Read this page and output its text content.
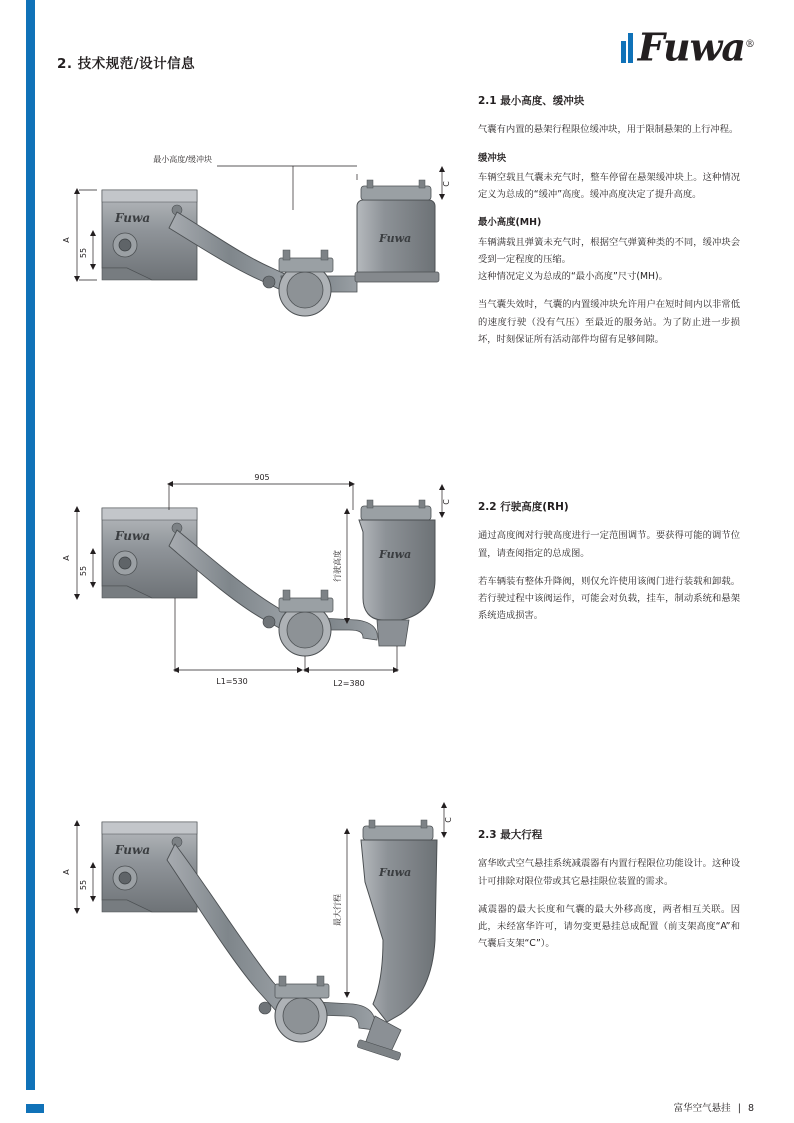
Fuwa®
2. 技术规范/设计信息
Fuwa
Fuwa
A
55
C
最小高度/缓冲块
Fuwa
Fuwa
905
A
55
C
行驶高度
L1=530	L2=380
Fuwa
Fuwa
A
55
C
最大行程
2.1 最小高度、缓冲块

气囊有内置的悬架行程限位缓冲块，用于限制悬架的上行冲程。

缓冲块

车辆空载且气囊未充气时，整车停留在悬架缓冲块上。这种情况定义为总成的“缓冲”高度。缓冲高度决定了提升高度。

最小高度(MH)

车辆满载且弹簧未充气时，根据空气弹簧种类的不同，缓冲块会受到一定程度的压缩。

这种情况定义为总成的“最小高度”尺寸(MH)。

当气囊失效时，气囊的内置缓冲块允许用户在短时间内以非常低的速度行驶（没有气压）至最近的服务站。为了防止进一步损坏，时刻保证所有活动部件均留有足够间隙。

2.2 行驶高度(RH)

通过高度阀对行驶高度进行一定范围调节。要获得可能的调节位置，请查阅指定的总成图。

若车辆装有整体升降阀，则仅允许使用该阀门进行装载和卸载。若行驶过程中该阀运作，可能会对负载，挂车，制动系统和悬架系统造成损害。

2.3 最大行程

富华欧式空气悬挂系统减震器有内置行程限位功能设计。这种设计可排除对限位带或其它悬挂限位装置的需求。

减震器的最大长度和气囊的最大外移高度，两者相互关联。因此，未经富华许可，请勿变更悬挂总成配置（前支架高度“A”和气囊后支架“C”）。

富华空气悬挂 | 8
